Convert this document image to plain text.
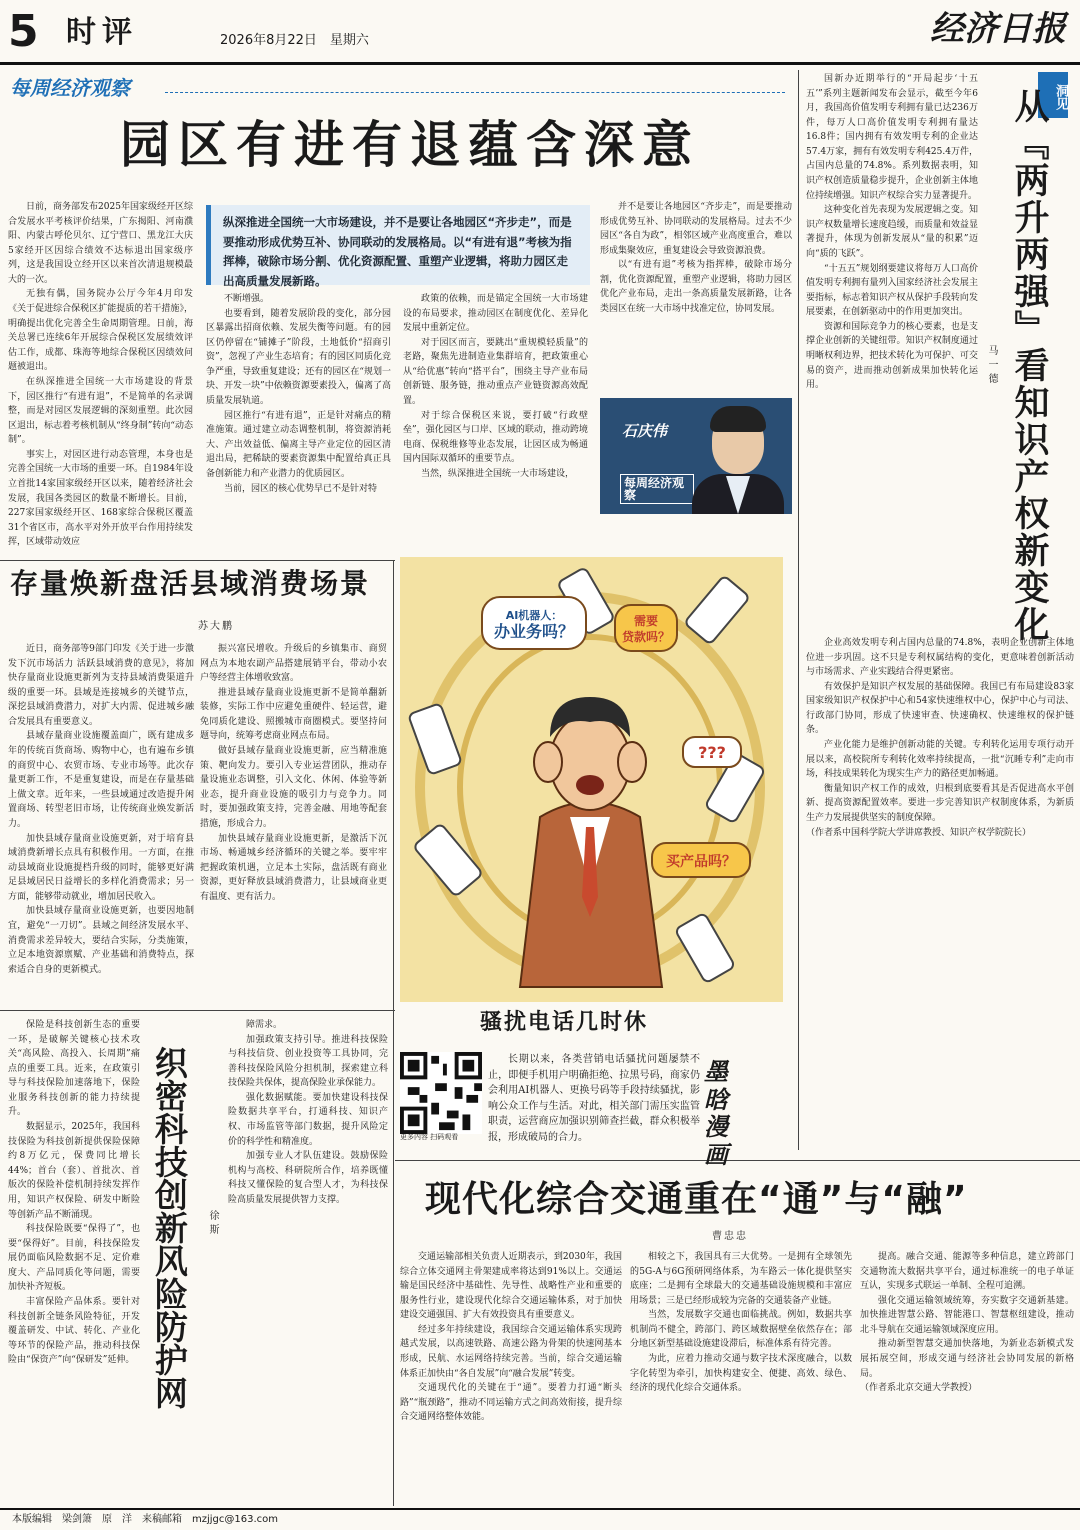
5 时评	2026年8月22日　星期六	经济日报
每周经济观察
园区有进有退蕴含深意

日前，商务部发布2025年国家级经开区综合发展水平考核评价结果，广东揭阳、河南濮阳、内蒙古呼伦贝尔、辽宁营口、黑龙江大庆5家经开区因综合绩效不达标退出国家级序列，这是我国设立经开区以来首次清退规模最大的一次。

无独有偶，国务院办公厅今年4月印发《关于促进综合保税区扩能提质的若干措施》，明确提出优化完善全生命周期管理。日前，海关总署已连续6年开展综合保税区发展绩效评估工作，成都、珠海等地综合保税区因绩效问题被退出。

在纵深推进全国统一大市场建设的背景下，园区推行“有进有退”，不是简单的名录调整，而是对园区发展逻辑的深刻重塑。此次园区退出，标志着考核机制从“终身制”转向“动态制”。

事实上，对园区进行动态管理，本身也是完善全国统一大市场的重要一环。自1984年设立首批14家国家级经开区以来，随着经济社会发展，我国各类园区的数量不断增长。目前，227家国家级经开区、168家综合保税区覆盖31个省区市，高水平对外开放平台作用持续发挥，区域带动效应

纵深推进全国统一大市场建设，并不是要让各地园区“齐步走”，而是要推动形成优势互补、协同联动的发展格局。以“有进有退”考核为指挥棒，破除市场分割、优化资源配置、重塑产业逻辑，将助力园区走出高质量发展新路。

不断增强。

也要看到，随着发展阶段的变化，部分园区暴露出招商依赖、发展失衡等问题。有的园区仍停留在“铺摊子”阶段，土地低价“招商引资”，忽视了产业生态培育；有的园区同质化竞争严重，导致重复建设；还有的园区在“规划一块、开发一块”中依赖资源要素投入，偏离了高质量发展轨道。

园区推行“有进有退”，正是针对痛点的精准施策。通过建立动态调整机制，将资源消耗大、产出效益低、偏离主导产业定位的园区清退出局，把稀缺的要素资源集中配置给真正具备创新能力和产业潜力的优质园区。

当前，园区的核心优势早已不是针对特

政策的依赖，而是锚定全国统一大市场建设的布局要求，推动园区在制度优化、差异化发展中重新定位。

对于园区而言，要跳出“重规模轻质量”的老路，聚焦先进制造业集群培育，把政策重心从“给优惠”转向“搭平台”，围绕主导产业布局创新链、服务链，推动重点产业链资源高效配置。

对于综合保税区来说，要打破“行政壁垒”，强化园区与口岸、区域的联动，推动跨境电商、保税维修等业态发展，让园区成为畅通国内国际双循环的重要节点。

当然，纵深推进全国统一大市场建设，

并不是要让各地园区“齐步走”，而是要推动形成优势互补、协同联动的发展格局。过去不少园区“各自为政”，相邻区域产业高度重合，难以形成集聚效应，重复建设会导致资源浪费。

以“有进有退”考核为指挥棒，破除市场分割，优化资源配置，重塑产业逻辑，将助力园区优化产业布局，走出一条高质量发展新路，让各类园区在统一大市场中找准定位，协同发展。

石庆伟
每周经济观察
洞见
从『两升两强』看知识产权新变化
马一德

国新办近期举行的“开局起步‘十五五’”系列主题新闻发布会显示，截至今年6月，我国高价值发明专利拥有量已达236万件，每万人口高价值发明专利拥有量达16.8件；国内拥有有效发明专利的企业达57.4万家，拥有有效发明专利425.4万件，占国内总量的74.8%。系列数据表明，知识产权创造质量稳步提升，企业创新主体地位持续增强。知识产权综合实力显著提升。

这种变化首先表现为发展逻辑之变。知识产权数量增长速度趋缓，而质量和效益显著提升，体现为创新发展从“量的积累”迈向“质的飞跃”。

“十五五”规划纲要建议将每万人口高价值发明专利拥有量列入国家经济社会发展主要指标，标志着知识产权从保护手段转向发展要素，在创新驱动中的作用更加突出。

资源和国际竞争力的核心要素，也是支撑企业创新的关键纽带。知识产权制度通过明晰权利边界，把技术转化为可保护、可交易的资产，进而推动创新成果加快转化运用。

企业高效发明专利占国内总量的74.8%，表明企业创新主体地位进一步巩固。这不只是专利权属结构的变化，更意味着创新活动与市场需求、产业实践结合得更紧密。

有效保护是知识产权发展的基础保障。我国已有布局建设83家国家级知识产权保护中心和54家快速维权中心，保护中心与司法、行政部门协同，形成了快速审查、快速确权、快速维权的保护链条。

产业化能力是维护创新动能的关键。专利转化运用专项行动开展以来，高校院所专利转化效率持续提高，一批“沉睡专利”走向市场，科技成果转化为现实生产力的路径更加畅通。

衡量知识产权工作的成效，归根到底要看其是否促进高水平创新、提高资源配置效率。要进一步完善知识产权制度体系，为新质生产力发展提供坚实的制度保障。

（作者系中国科学院大学讲席教授、知识产权学院院长）

存量焕新盘活县域消费场景
苏大鹏

近日，商务部等9部门印发《关于进一步激发下沉市场活力 活跃县域消费的意见》，将加快存量商业设施更新列为支持县域消费渠道升级的重要一环。县域是连接城乡的关键节点，深挖县域消费潜力，对扩大内需、促进城乡融合发展具有重要意义。

县域存量商业设施覆盖面广，既有建成多年的传统百货商场、购物中心，也有遍布乡镇的商贸中心、农贸市场、专业市场等。此次存量更新工作，不是重复建设，而是在存量基础上做文章。近年来，一些县域通过改造提升闲置商场、转型老旧市场，让传统商业焕发新活力。

加快县域存量商业设施更新，对于培育县域消费新增长点具有积极作用。一方面，在推动县域商业设施提档升级的同时，能够更好满足县域居民日益增长的多样化消费需求；另一方面，能够带动就业，增加居民收入。

加快县域存量商业设施更新，也要因地制宜，避免“一刀切”。县域之间经济发展水平、消费需求差异较大，要结合实际，分类施策，立足本地资源禀赋、产业基础和消费特点，探索适合自身的更新模式。

振兴富民增收。升级后的乡镇集市、商贸网点为本地农副产品搭建展销平台，带动小农户等经营主体增收致富。

推进县域存量商业设施更新不是简单翻新装修，实际工作中应避免重硬件、轻运营，避免同质化建设、照搬城市商圈模式。要坚持问题导向，统筹考虑商业网点布局。

做好县域存量商业设施更新，应当精准施策、靶向发力。要引入专业运营团队，推动存量设施业态调整，引入文化、休闲、体验等新业态，提升商业设施的吸引力与竞争力。同时，要加强政策支持，完善金融、用地等配套措施，形成合力。

加快县域存量商业设施更新，是激活下沉市场、畅通城乡经济循环的关键之举。要牢牢把握政策机遇，立足本土实际，盘活既有商业资源，更好释放县域消费潜力，让县域商业更有温度、更有活力。

AI机器人：办业务吗？
需要贷款吗？
???
买产品吗？
骚扰电话几时休
更多内容 扫码观看

长期以来，各类营销电话骚扰问题屡禁不止，即便手机用户明确拒绝、拉黑号码，商家仍会利用AI机器人、更换号码等手段持续骚扰，影响公众工作与生活。对此，相关部门需压实监管职责，运营商应加强识别筛查拦截，群众积极举报，形成破局的合力。

墨
晗
漫
画

保险是科技创新生态的重要一环，是破解关键核心技术攻关“高风险、高投入、长周期”痛点的重要工具。近来，在政策引导与科技保险加速落地下，保险业服务科技创新的能力持续提升。

数据显示，2025年，我国科技保险为科技创新提供保险保障约8万亿元，保费同比增长44%；首台（套）、首批次、首版次的保险补偿机制持续发挥作用，知识产权保险、研发中断险等创新产品不断涌现。

科技保险既要“保得了”，也要“保得好”。目前，科技保险发展仍面临风险数据不足、定价难度大、产品同质化等问题，需要加快补齐短板。

丰富保险产品体系。要针对科技创新全链条风险特征，开发覆盖研发、中试、转化、产业化等环节的保险产品，推动科技保险由“保资产”向“保研发”延伸。 织密科技创新风险防护网 徐斯

障需求。

加强政策支持引导。推进科技保险与科技信贷、创业投资等工具协同，完善科技保险风险分担机制，探索建立科技保险共保体，提高保险业承保能力。

强化数据赋能。要加快建设科技保险数据共享平台，打通科技、知识产权、市场监管等部门数据，提升风险定价的科学性和精准度。

加强专业人才队伍建设。鼓励保险机构与高校、科研院所合作，培养既懂科技又懂保险的复合型人才，为科技保险高质量发展提供智力支撑。	现代化综合交通重在“通”与“融”
曹忠忠

交通运输部相关负责人近期表示，到2030年，我国综合立体交通网主骨架建成率将达到91%以上。交通运输是国民经济中基础性、先导性、战略性产业和重要的服务性行业，建设现代化综合交通运输体系，对于加快建设交通强国、扩大有效投资具有重要意义。

经过多年持续建设，我国综合交通运输体系实现跨越式发展，以高速铁路、高速公路为骨架的快速网基本形成，民航、水运网络持续完善。当前，综合交通运输体系正加快由“各自发展”向“融合发展”转变。

交通现代化的关键在于“通”。要着力打通“断头路”“瓶颈路”，推动不同运输方式之间高效衔接，提升综合交通网络整体效能。

相较之下，我国具有三大优势。一是拥有全球领先的5G-A与6G预研网络体系，为车路云一体化提供坚实底座；二是拥有全球最大的交通基础设施规模和丰富应用场景；三是已经形成较为完备的交通装备产业链。

当然，发展数字交通也面临挑战。例如，数据共享机制尚不健全，跨部门、跨区域数据壁垒依然存在；部分地区新型基础设施建设滞后，标准体系有待完善。

为此，应着力推动交通与数字技术深度融合，以数字化转型为牵引，加快构建安全、便捷、高效、绿色、经济的现代化综合交通体系。

提高。融合交通、能源等多种信息，建立跨部门交通物流大数据共享平台，通过标准统一的电子单证互认，实现多式联运一单制、全程可追溯。

强化交通运输领域统筹，夯实数字交通新基建。加快推进智慧公路、智能港口、智慧枢纽建设，推动北斗导航在交通运输领域深度应用。

推动新型智慧交通加快落地，为新业态新模式发展拓展空间，形成交通与经济社会协同发展的新格局。

（作者系北京交通大学教授）

本版编辑　梁剑箫　原　洋　来稿邮箱　mzjjgc@163.com
